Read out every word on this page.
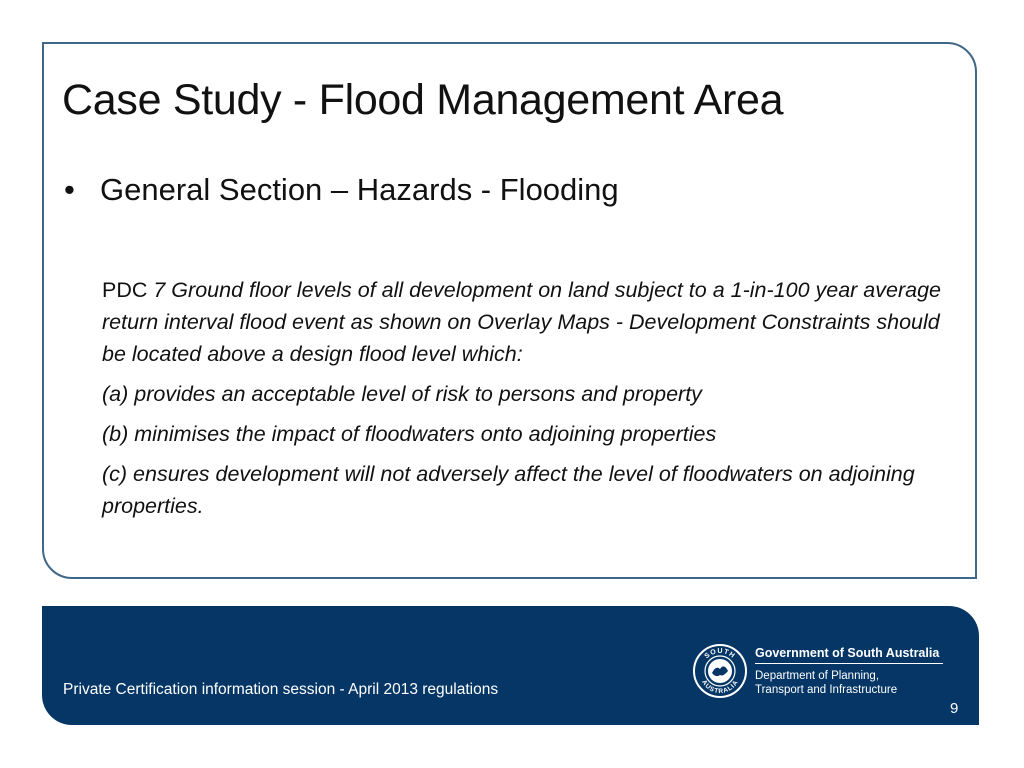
Case Study - Flood Management Area
• General Section – Hazards - Flooding

PDC 7 Ground floor levels of all development on land subject to a 1-in-100 year average return interval flood event as shown on Overlay Maps - Development Constraints should be located above a design flood level which:

(a) provides an acceptable level of risk to persons and property

(b) minimises the impact of floodwaters onto adjoining properties

(c) ensures development will not adversely affect the level of floodwaters on adjoining properties.

Private Certification information session - April 2013 regulations
SOUTH
AUSTRALIA
Government of South Australia
Department of Planning,
Transport and Infrastructure
9
